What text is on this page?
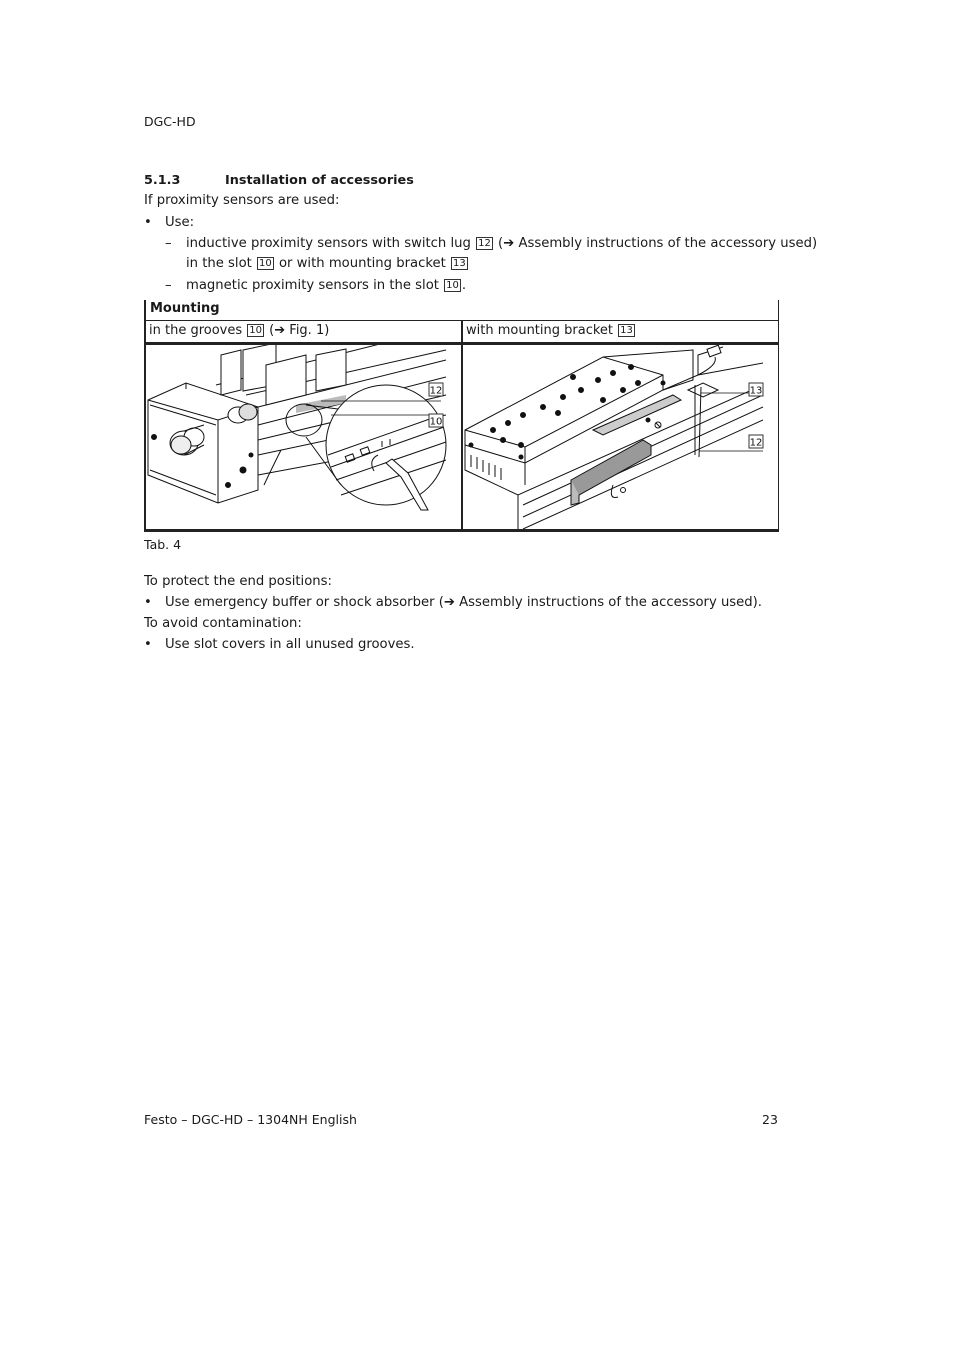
DGC-HD
5.1.3	Installation of accessories
If proximity sensors are used:
• Use:
– inductive proximity sensors with switch lug 12 (➔ Assembly instructions of the accessory used)
in the slot 10 or with mounting bracket 13
– magnetic proximity sensors in the slot 10 .
Mounting
in the grooves 10 (➔ Fig. 1)	with mounting bracket 13
12
10
13
12
Tab. 4
To protect the end positions:
• Use emergency buffer or shock absorber (➔ Assembly instructions of the accessory used).
To avoid contamination:
• Use slot covers in all unused grooves.
Festo – DGC-HD – 1304NH English	23
